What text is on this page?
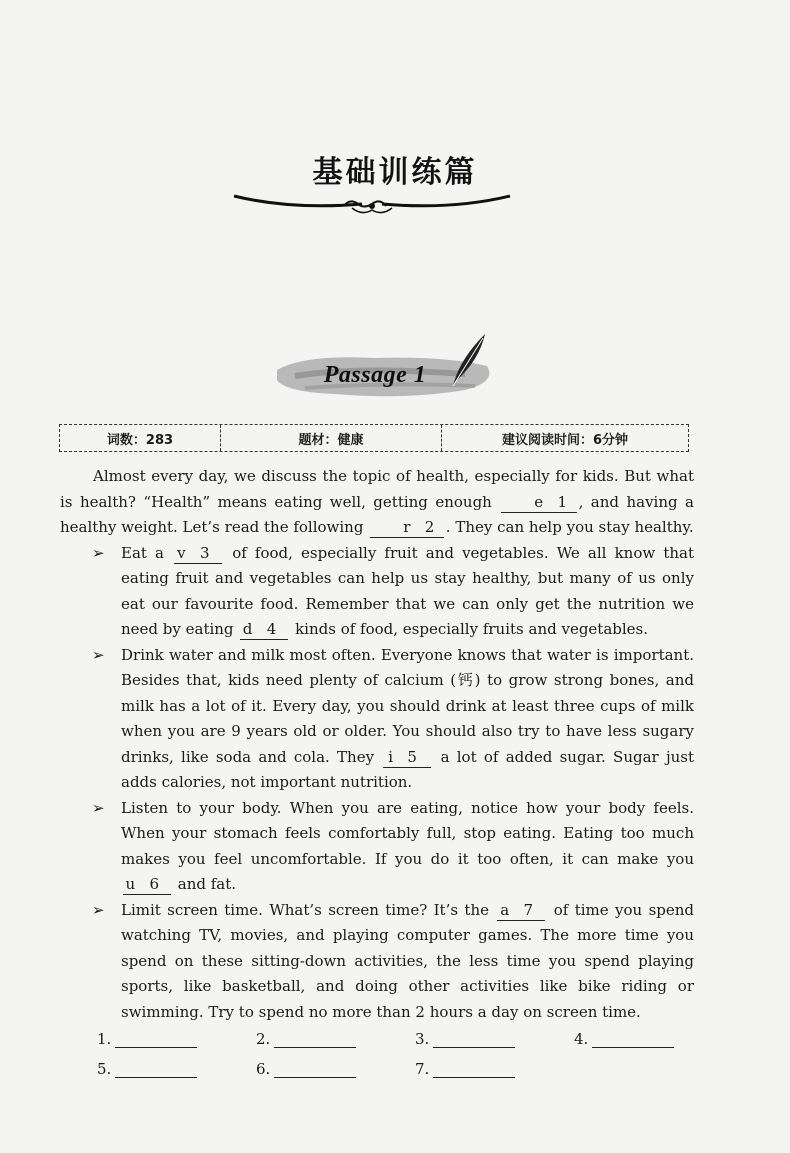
基础训练篇
Passage 1
词数：283	题材：健康	建议阅读时间：6分钟

Almost every day, we discuss the topic of health, especially for kids. But what is health? “Health” means eating well, getting enough e 1 , and having a healthy weight. Let’s read the following r 2 . They can help you stay healthy.

➢ Eat a v 3   of food, especially fruit and vegetables. We all know that eating fruit and vegetables can help us stay healthy, but many of us only eat our favourite food. Remember that we can only get the nutrition we need by eating d 4   kinds of food, especially fruits and vegetables.

➢ Drink water and milk most often. Everyone knows that water is important. Besides that, kids need plenty of calcium (钙) to grow strong bones, and milk has a lot of it. Every day, you should drink at least three cups of milk when you are 9 years old or older. You should also try to have less sugary drinks, like soda and cola. They i 5   a lot of added sugar. Sugar just adds calories, not important nutrition.

➢ Listen to your body. When you are eating, notice how your body feels. When your stomach feels comfortably full, stop eating. Eating too much makes you feel uncomfortable. If you do it too often, it can make you u 6   and fat.

➢ Limit screen time. What’s screen time? It’s the a 7   of time you spend watching TV, movies, and playing computer games. The more time you spend on these sitting-down activities, the less time you spend playing sports, like basketball, and doing other activities like bike riding or swimming. Try to spend no more than 2 hours a day on screen time.

1.	2.	3.	4.
5.	6.	7.
